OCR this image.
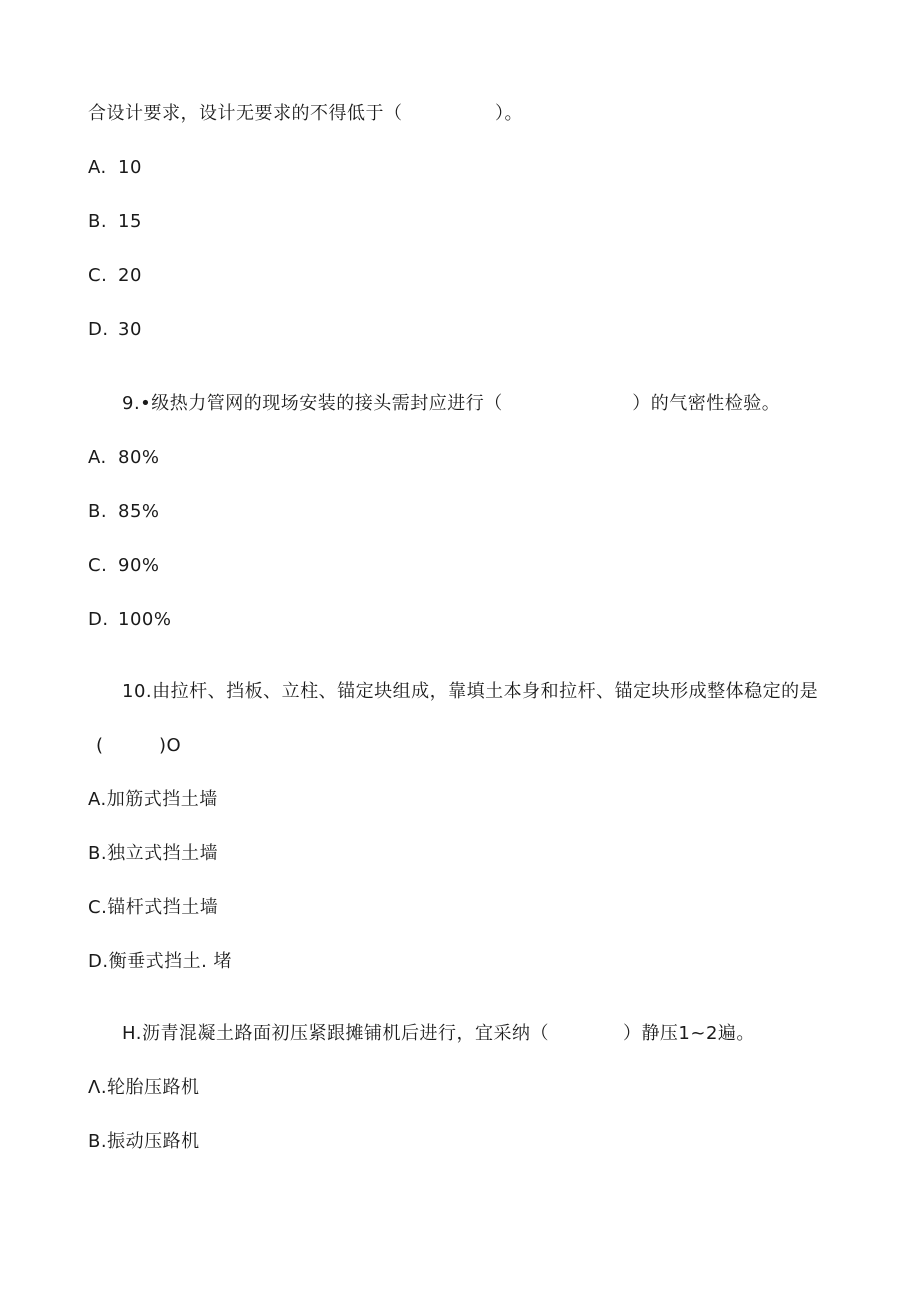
合设计要求，设计无要求的不得低于（　　　　　）。
A. 10
B. 15
C. 20
D. 30
9.•级热力管网的现场安装的接头需封应进行（　　　　　　　）的气密性检验。
A. 80%
B. 85%
C. 90%
D. 100%
10.由拉杆、挡板、立柱、锚定块组成，靠填土本身和拉杆、锚定块形成整体稳定的是
(　　　)O
A.加筋式挡土墙
B.独立式挡土墙
C.锚杆式挡土墙
D.衡垂式挡土. 堵
H.沥青混凝土路面初压紧跟摊铺机后进行，宜采纳（　　　　）静压1~2遍。
Λ.轮胎压路机
B.振动压路机
